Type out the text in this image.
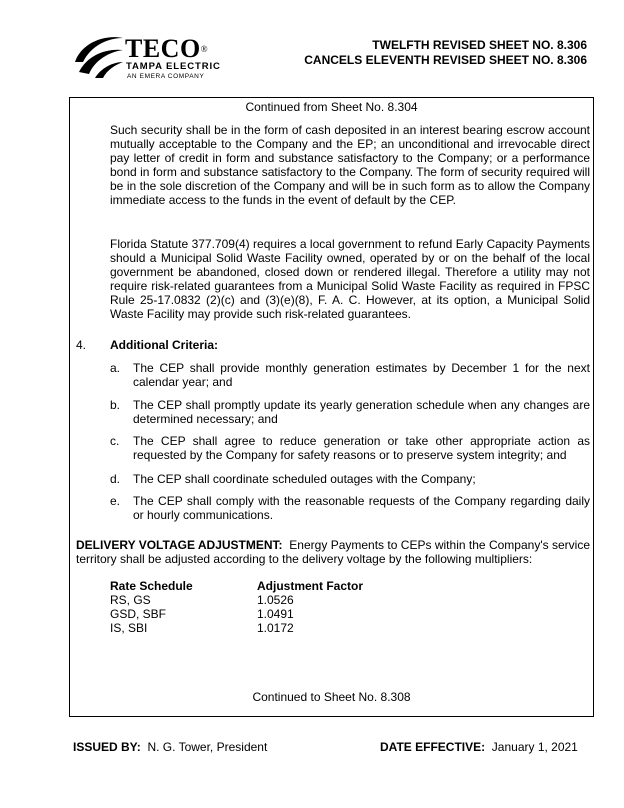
TECO®
TAMPA ELECTRIC
AN EMERA COMPANY
TWELFTH REVISED SHEET NO. 8.306
CANCELS ELEVENTH REVISED SHEET NO. 8.306
Continued from Sheet No. 8.304
Such security shall be in the form of cash deposited in an interest bearing escrow account mutually acceptable to the Company and the EP; an unconditional and irrevocable direct pay letter of credit in form and substance satisfactory to the Company; or a performance bond in form and substance satisfactory to the Company. The form of security required will be in the sole discretion of the Company and will be in such form as to allow the Company immediate access to the funds in the event of default by the CEP.
Florida Statute 377.709(4) requires a local government to refund Early Capacity Payments should a Municipal Solid Waste Facility owned, operated by or on the behalf of the local government be abandoned, closed down or rendered illegal. Therefore a utility may not require risk-related guarantees from a Municipal Solid Waste Facility as required in FPSC Rule 25-17.0832 (2)(c) and (3)(e)(8), F. A. C. However, at its option, a Municipal Solid Waste Facility may provide such risk-related guarantees.
4. Additional Criteria:
a. The CEP shall provide monthly generation estimates by December 1 for the next calendar year; and
b. The CEP shall promptly update its yearly generation schedule when any changes are determined necessary; and
c. The CEP shall agree to reduce generation or take other appropriate action as requested by the Company for safety reasons or to preserve system integrity; and
d. The CEP shall coordinate scheduled outages with the Company;
e. The CEP shall comply with the reasonable requests of the Company regarding daily or hourly communications.
DELIVERY VOLTAGE ADJUSTMENT: Energy Payments to CEPs within the Company's service territory shall be adjusted according to the delivery voltage by the following multipliers:
Rate Schedule	Adjustment Factor
RS, GS	1.0526
GSD, SBF	1.0491
IS, SBI	1.0172
Continued to Sheet No. 8.308
ISSUED BY: N. G. Tower, President	DATE EFFECTIVE: January 1, 2021
